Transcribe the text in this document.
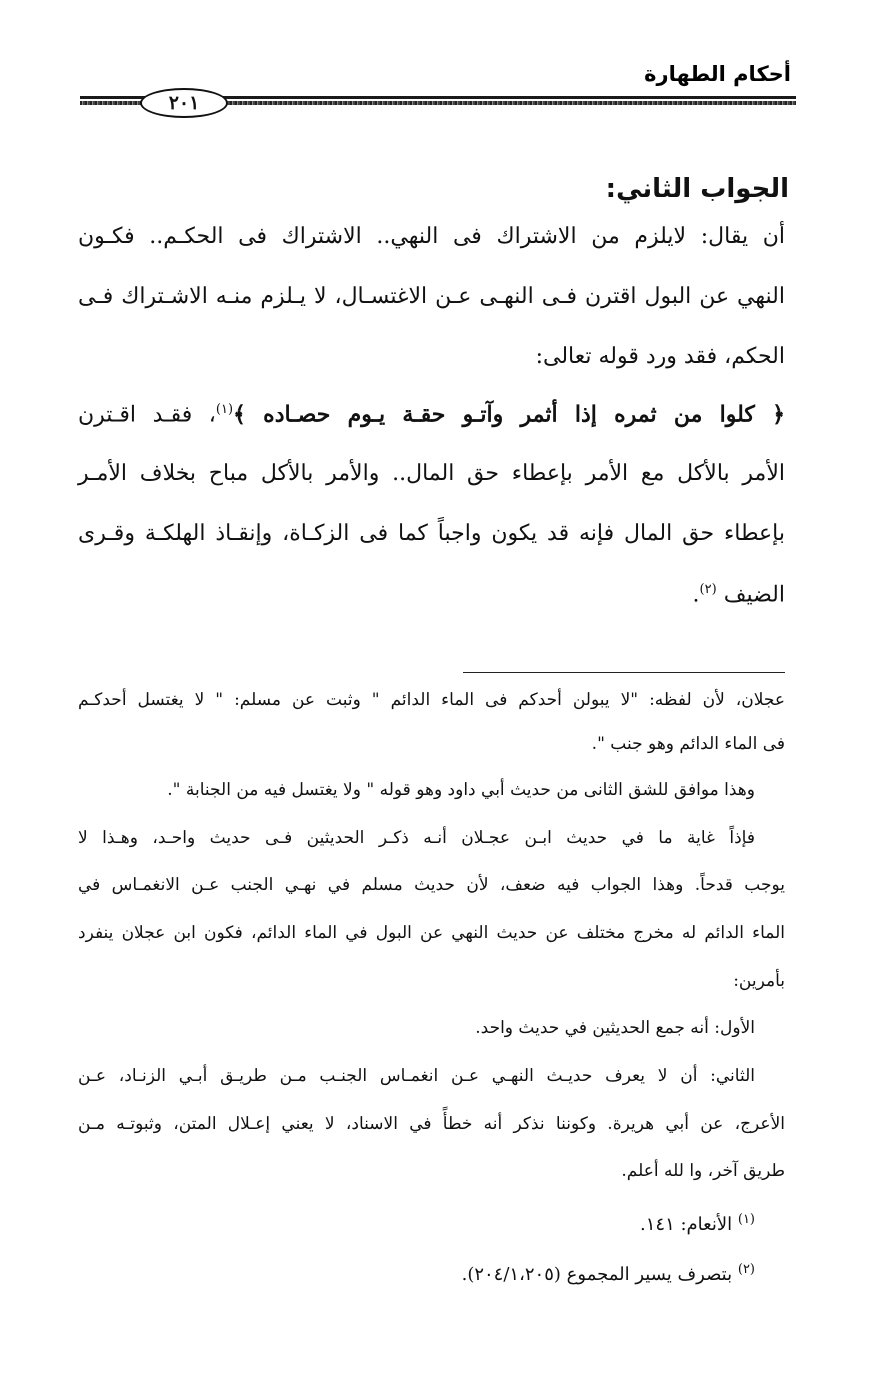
أحكام الطهارة
٢٠١
الجواب الثاني:
أن يقال: لايلزم من الاشتراك فى النهي.. الاشتراك فى الحكـم.. فكـون
النهي عن البول اقترن فـى النهـى عـن الاغتسـال، لا يـلزم منـه الاشـتراك فـى
الحكم، فقد ورد قوله تعالى:
﴿ كلوا من ثمره إذا أثمر وآتـو حقـة يـوم حصـاده ﴾$^{(١)}$، فقـد اقـترن
الأمر بالأكل مع الأمر بإعطاء حق المال.. والأمر بالأكل مباح بخلاف الأمـر
بإعطاء حق المال فإنه قد يكون واجباً كما فى الزكـاة، وإنقـاذ الهلكـة وقـرى
الضيف $^{(٢)}$.
عجلان، لأن لفظه: "لا يبولن أحدكم فى الماء الدائم " وثبت عن مسلم: " لا يغتسل أحدكـم
فى الماء الدائم وهو جنب ".
وهذا موافق للشق الثانى من حديث أبي داود وهو قوله " ولا يغتسل فيه من الجنابة ".
فإذاً غاية ما في حديث ابـن عجـلان أنـه ذكـر الحديثين فـى حديث واحـد، وهـذا لا
يوجب قدحاً. وهذا الجواب فيه ضعف، لأن حديث مسلم في نهـي الجنب عـن الانغمـاس في
الماء الدائم له مخرج مختلف عن حديث النهي عن البول في الماء الدائم، فكون ابن عجلان ينفرد
بأمرين:
الأول: أنه جمع الحديثين في حديث واحد.
الثاني: أن لا يعرف حديـث النهـي عـن انغمـاس الجنـب مـن طريـق أبـي الزنـاد، عـن
الأعرج، عن أبي هريرة. وكوننا نذكر أنه خطأً في الاسناد، لا يعني إعـلال المتن، وثبوتـه مـن
طريق آخر، وا لله أعلم.
$^{(١)}$ الأنعام: ١٤١.
$^{(٢)}$ بتصرف يسير المجموع (٢٠٤/١،٢٠٥).
